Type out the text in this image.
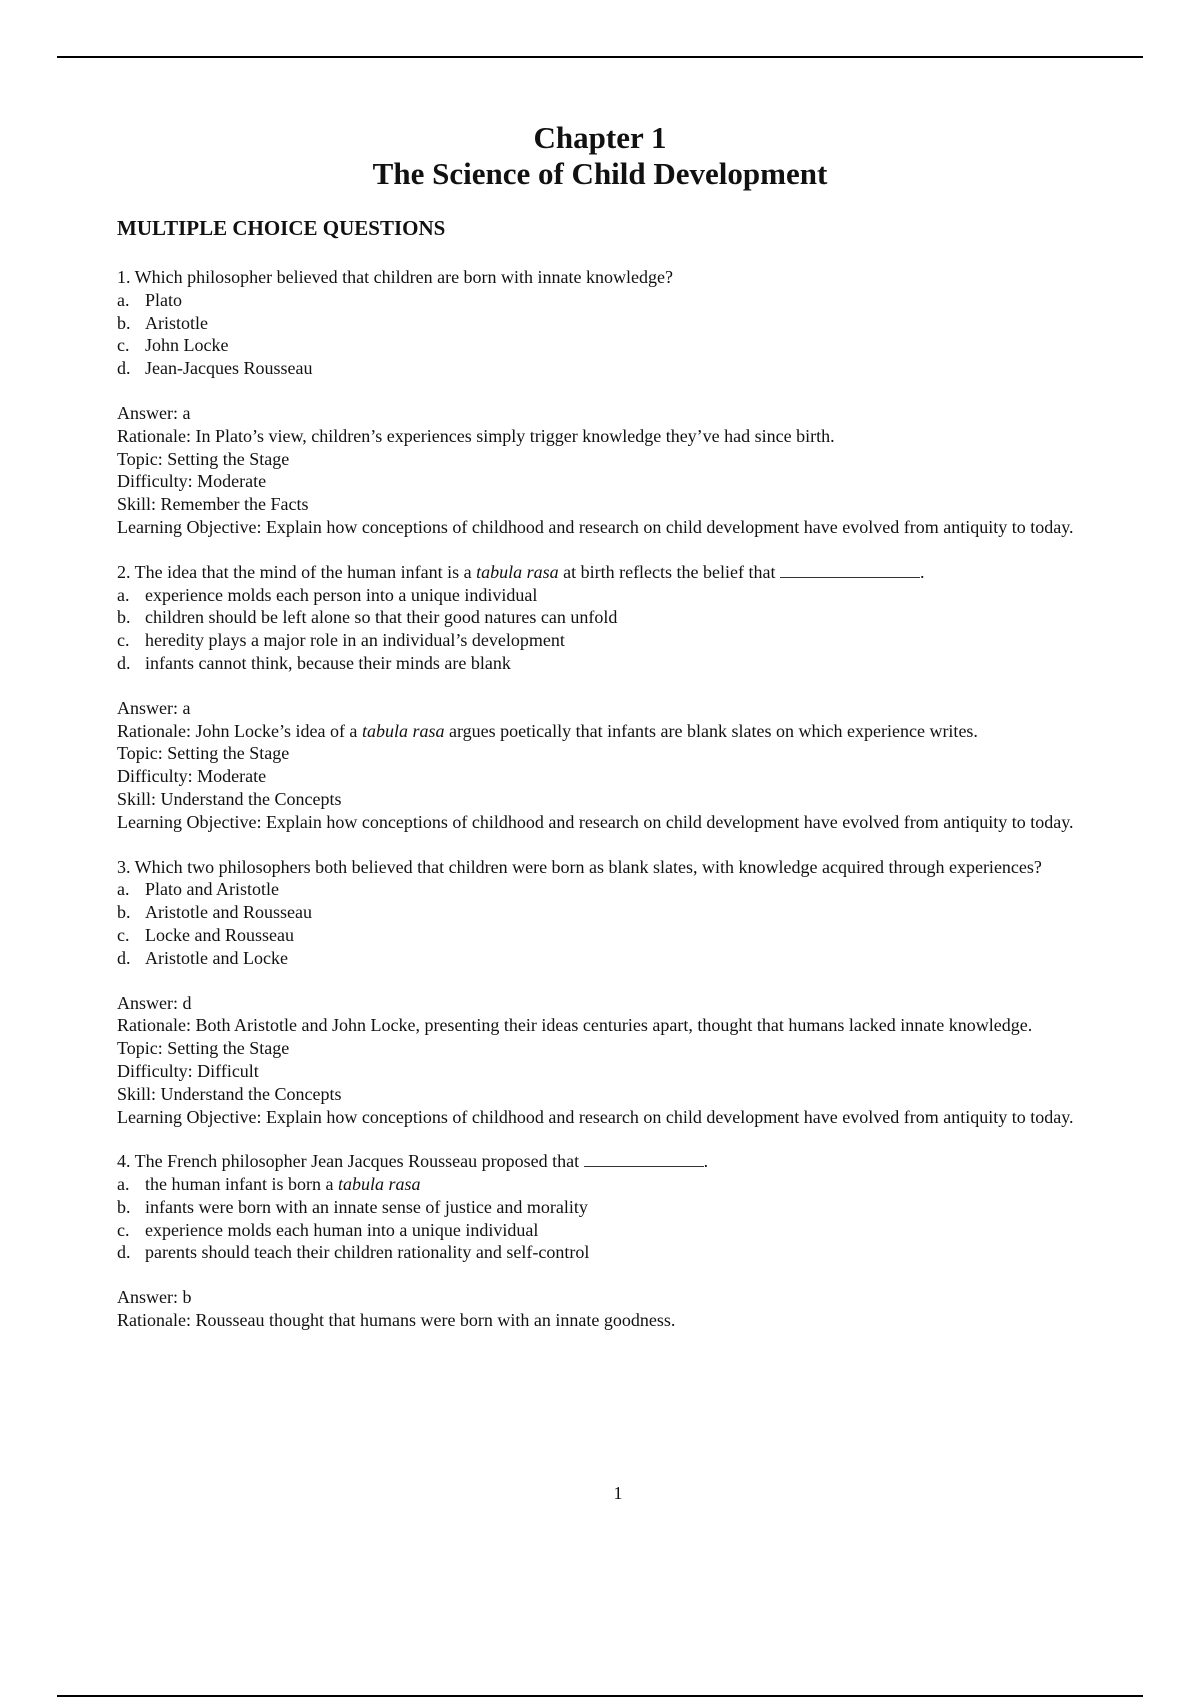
Chapter 1
The Science of Child Development
MULTIPLE CHOICE QUESTIONS

1. Which philosopher believed that children are born with innate knowledge?

a. Plato
b. Aristotle
c. John Locke
d. Jean-Jacques Rousseau

Answer: a

Rationale: In Plato’s view, children’s experiences simply trigger knowledge they’ve had since birth.

Topic: Setting the Stage

Difficulty: Moderate

Skill: Remember the Facts

Learning Objective: Explain how conceptions of childhood and research on child development have evolved from antiquity to today.

2. The idea that the mind of the human infant is a tabula rasa at birth reflects the belief that	.

a. experience molds each person into a unique individual
b. children should be left alone so that their good natures can unfold
c. heredity plays a major role in an individual’s development
d. infants cannot think, because their minds are blank

Answer: a

Rationale: John Locke’s idea of a tabula rasa argues poetically that infants are blank slates on which experience writes.

Topic: Setting the Stage

Difficulty: Moderate

Skill: Understand the Concepts

Learning Objective: Explain how conceptions of childhood and research on child development have evolved from antiquity to today.

3. Which two philosophers both believed that children were born as blank slates, with knowledge acquired through experiences?

a. Plato and Aristotle
b. Aristotle and Rousseau
c. Locke and Rousseau
d. Aristotle and Locke

Answer: d

Rationale: Both Aristotle and John Locke, presenting their ideas centuries apart, thought that humans lacked innate knowledge.

Topic: Setting the Stage

Difficulty: Difficult

Skill: Understand the Concepts

Learning Objective: Explain how conceptions of childhood and research on child development have evolved from antiquity to today.

4. The French philosopher Jean Jacques Rousseau proposed that	.

a. the human infant is born a tabula rasa
b. infants were born with an innate sense of justice and morality
c. experience molds each human into a unique individual
d. parents should teach their children rationality and self-control

Answer: b

Rationale: Rousseau thought that humans were born with an innate goodness.

1
